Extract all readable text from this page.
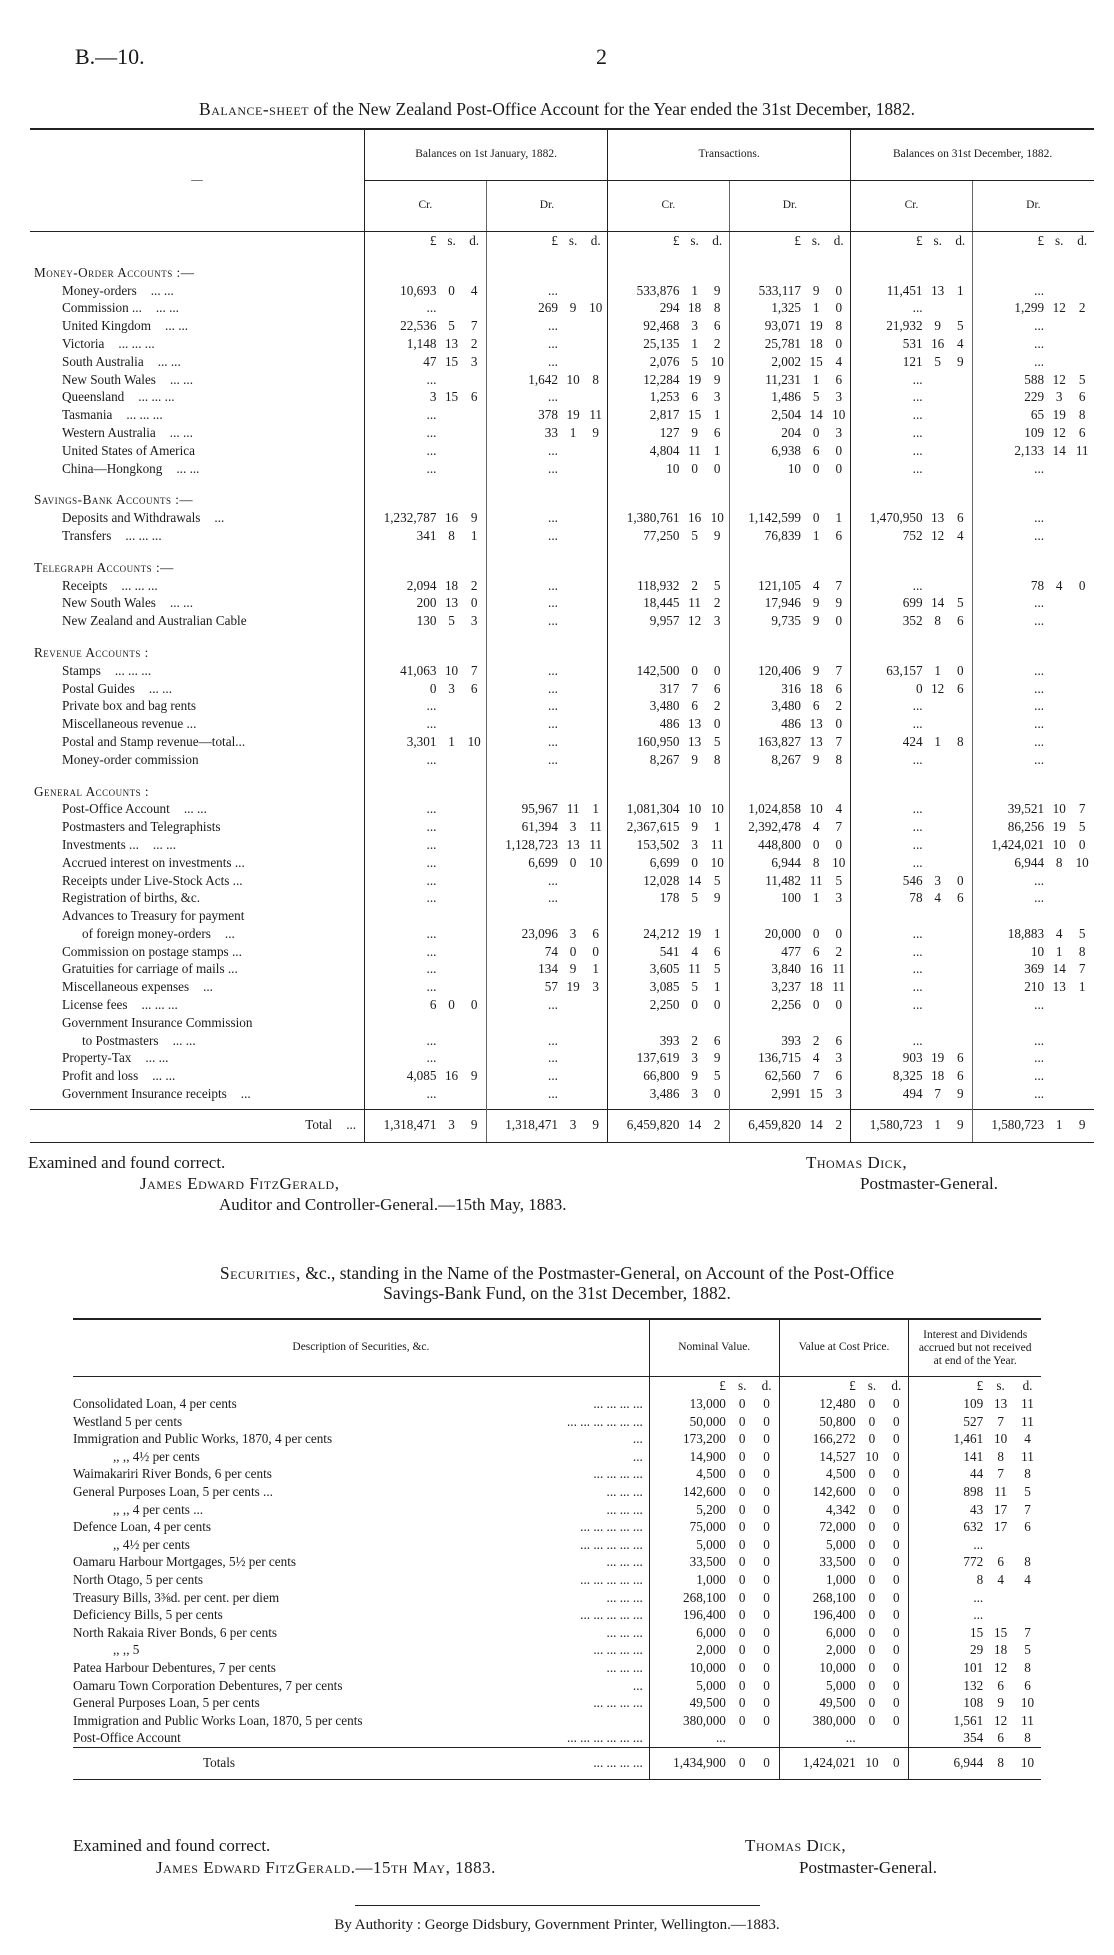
B.—10.	2
Balance-sheet of the New Zealand Post-Office Account for the Year ended the 31st December, 1882.
—	Balances on 1st January, 1882.						Transactions.						Balances on 31st December, 1882.					
	Cr.			Dr.			Cr.			Dr.			Cr.			Dr.		
	£	s.	d.	£	s.	d.	£	s.	d.	£	s.	d.	£	s.	d.	£	s.	d.
Money-Order Accounts :—																		
Money-orders ... ...	10,693	0	4	...			533,876	1	9	533,117	9	0	11,451	13	1	...		
Commission ... ... ...	...			269	9	10	294	18	8	1,325	1	0	...			1,299	12	2
United Kingdom ... ...	22,536	5	7	...			92,468	3	6	93,071	19	8	21,932	9	5	...		
Victoria ... ... ...	1,148	13	2	...			25,135	1	2	25,781	18	0	531	16	4	...		
South Australia ... ...	47	15	3	...			2,076	5	10	2,002	15	4	121	5	9	...		
New South Wales ... ...	...			1,642	10	8	12,284	19	9	11,231	1	6	...			588	12	5
Queensland ... ... ...	3	15	6	...			1,253	6	3	1,486	5	3	...			229	3	6
Tasmania ... ... ...	...			378	19	11	2,817	15	1	2,504	14	10	...			65	19	8
Western Australia ... ...	...			33	1	9	127	9	6	204	0	3	...			109	12	6
United States of America	...			...			4,804	11	1	6,938	6	0	...			2,133	14	11
China—Hongkong ... ...	...			...			10	0	0	10	0	0	...			...		
Savings-Bank Accounts :—																		
Deposits and Withdrawals ...	1,232,787	16	9	...			1,380,761	16	10	1,142,599	0	1	1,470,950	13	6	...		
Transfers ... ... ...	341	8	1	...			77,250	5	9	76,839	1	6	752	12	4	...		
Telegraph Accounts :—																		
Receipts ... ... ...	2,094	18	2	...			118,932	2	5	121,105	4	7	...			78	4	0
New South Wales ... ...	200	13	0	...			18,445	11	2	17,946	9	9	699	14	5	...		
New Zealand and Australian Cable	130	5	3	...			9,957	12	3	9,735	9	0	352	8	6	...		
Revenue Accounts :																		
Stamps ... ... ...	41,063	10	7	...			142,500	0	0	120,406	9	7	63,157	1	0	...		
Postal Guides ... ...	0	3	6	...			317	7	6	316	18	6	0	12	6	...		
Private box and bag rents	...			...			3,480	6	2	3,480	6	2	...			...		
Miscellaneous revenue ...	...			...			486	13	0	486	13	0	...			...		
Postal and Stamp revenue—total...	3,301	1	10	...			160,950	13	5	163,827	13	7	424	1	8	...		
Money-order commission	...			...			8,267	9	8	8,267	9	8	...			...		
General Accounts :																		
Post-Office Account ... ...	...			95,967	11	1	1,081,304	10	10	1,024,858	10	4	...			39,521	10	7
Postmasters and Telegraphists	...			61,394	3	11	2,367,615	9	1	2,392,478	4	7	...			86,256	19	5
Investments ... ... ...	...			1,128,723	13	11	153,502	3	11	448,800	0	0	...			1,424,021	10	0
Accrued interest on investments ...	...			6,699	0	10	6,699	0	10	6,944	8	10	...			6,944	8	10
Receipts under Live-Stock Acts ...	...			...			12,028	14	5	11,482	11	5	546	3	0	...		
Registration of births, &c.	...			...			178	5	9	100	1	3	78	4	6	...		
Advances to Treasury for payment																		
of foreign money-orders ...	...			23,096	3	6	24,212	19	1	20,000	0	0	...			18,883	4	5
Commission on postage stamps ...	...			74	0	0	541	4	6	477	6	2	...			10	1	8
Gratuities for carriage of mails ...	...			134	9	1	3,605	11	5	3,840	16	11	...			369	14	7
Miscellaneous expenses ...	...			57	19	3	3,085	5	1	3,237	18	11	...			210	13	1
License fees ... ... ...	6	0	0	...			2,250	0	0	2,256	0	0	...			...		
Government Insurance Commission																		
to Postmasters ... ...	...			...			393	2	6	393	2	6	...			...		
Property-Tax ... ...	...			...			137,619	3	9	136,715	4	3	903	19	6	...		
Profit and loss ... ...	4,085	16	9	...			66,800	9	5	62,560	7	6	8,325	18	6	...		
Government Insurance receipts ...	...			...			3,486	3	0	2,991	15	3	494	7	9	...		

Total ...	1,318,471	3	9	1,318,471	3	9	6,459,820	14	2	6,459,820	14	2	1,580,723	1	9	1,580,723	1	9
Examined and found correct.
James Edward FitzGerald,
Auditor and Controller-General.—15th May, 1883.
Thomas Dick,
Postmaster-General.
Securities, &c., standing in the Name of the Postmaster-General, on Account of the Post-Office
Savings-Bank Fund, on the 31st December, 1882.
Description of Securities, &c.	Nominal Value.			Value at Cost Price.			Interest and Dividends accrued but not received at end of the Year.		
	£	s.	d.	£	s.	d.	£	s.	d.
Consolidated Loan, 4 per cents ... ... ... ...	13,000	0	0	12,480	0	0	109	13	11
Westland 5 per cents ... ... ... ... ... ...	50,000	0	0	50,800	0	0	527	7	11
Immigration and Public Works, 1870, 4 per cents ...	173,200	0	0	166,272	0	0	1,461	10	4
,, ,, 4½ per cents ...	14,900	0	0	14,527	10	0	141	8	11
Waimakariri River Bonds, 6 per cents ... ... ... ...	4,500	0	0	4,500	0	0	44	7	8
General Purposes Loan, 5 per cents ... ... ... ...	142,600	0	0	142,600	0	0	898	11	5
,, ,, 4 per cents ... ... ... ...	5,200	0	0	4,342	0	0	43	17	7
Defence Loan, 4 per cents ... ... ... ... ...	75,000	0	0	72,000	0	0	632	17	6
,, 4½ per cents ... ... ... ... ...	5,000	0	0	5,000	0	0	...		
Oamaru Harbour Mortgages, 5½ per cents ... ... ...	33,500	0	0	33,500	0	0	772	6	8
North Otago, 5 per cents ... ... ... ... ...	1,000	0	0	1,000	0	0	8	4	4
Treasury Bills, 3⅜d. per cent. per diem ... ... ...	268,100	0	0	268,100	0	0	...		
Deficiency Bills, 5 per cents ... ... ... ... ...	196,400	0	0	196,400	0	0	...		
North Rakaia River Bonds, 6 per cents ... ... ...	6,000	0	0	6,000	0	0	15	15	7
,, ,, 5 ... ... ... ...	2,000	0	0	2,000	0	0	29	18	5
Patea Harbour Debentures, 7 per cents ... ... ...	10,000	0	0	10,000	0	0	101	12	8
Oamaru Town Corporation Debentures, 7 per cents ...	5,000	0	0	5,000	0	0	132	6	6
General Purposes Loan, 5 per cents ... ... ... ...	49,500	0	0	49,500	0	0	108	9	10
Immigration and Public Works Loan, 1870, 5 per cents	380,000	0	0	380,000	0	0	1,561	12	11
Post-Office Account ... ... ... ... ... ...	...			...			354	6	8
Totals ... ... ... ...	1,434,900	0	0	1,424,021	10	0	6,944	8	10
Examined and found correct.
James Edward FitzGerald.—15th May, 1883.
Thomas Dick,
Postmaster-General.
By Authority : George Didsbury, Government Printer, Wellington.—1883.
